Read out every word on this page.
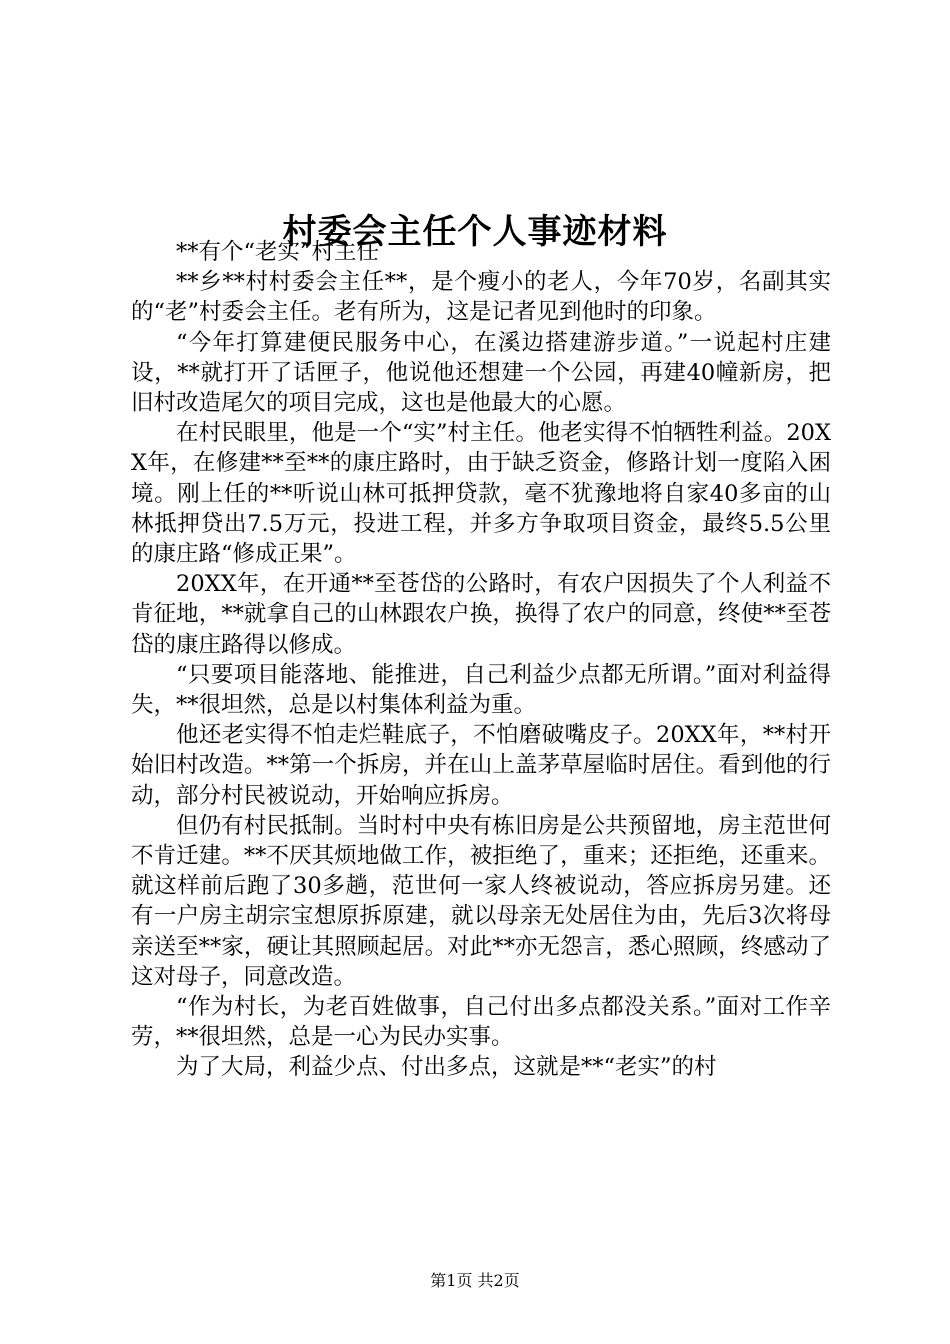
村委会主任个人事迹材料

**有个“老实”村主任

**乡**村村委会主任**，是个瘦小的老人，今年70岁，名副其实的“老”村委会主任。老有所为，这是记者见到他时的印象。

“今年打算建便民服务中心，在溪边搭建游步道。”一说起村庄建设，**就打开了话匣子，他说他还想建一个公园，再建40幢新房，把旧村改造尾欠的项目完成，这也是他最大的心愿。

在村民眼里，他是一个“实”村主任。他老实得不怕牺牲利益。20XX年，在修建**至**的康庄路时，由于缺乏资金，修路计划一度陷入困境。刚上任的**听说山林可抵押贷款，毫不犹豫地将自家40多亩的山林抵押贷出7.5万元，投进工程，并多方争取项目资金，最终5.5公里的康庄路“修成正果”。

20XX年，在开通**至苍岱的公路时，有农户因损失了个人利益不肯征地，**就拿自己的山林跟农户换，换得了农户的同意，终使**至苍岱的康庄路得以修成。

“只要项目能落地、能推进，自己利益少点都无所谓。”面对利益得失，**很坦然，总是以村集体利益为重。

他还老实得不怕走烂鞋底子，不怕磨破嘴皮子。20XX年，**村开始旧村改造。**第一个拆房，并在山上盖茅草屋临时居住。看到他的行动，部分村民被说动，开始响应拆房。

但仍有村民抵制。当时村中央有栋旧房是公共预留地，房主范世何不肯迁建。**不厌其烦地做工作，被拒绝了，重来；还拒绝，还重来。就这样前后跑了30多趟，范世何一家人终被说动，答应拆房另建。还有一户房主胡宗宝想原拆原建，就以母亲无处居住为由，先后3次将母亲送至**家，硬让其照顾起居。对此**亦无怨言，悉心照顾，终感动了这对母子，同意改造。

“作为村长，为老百姓做事，自己付出多点都没关系。”面对工作辛劳，**很坦然，总是一心为民办实事。

为了大局，利益少点、付出多点，这就是**“老实”的村

第1页 共2页
